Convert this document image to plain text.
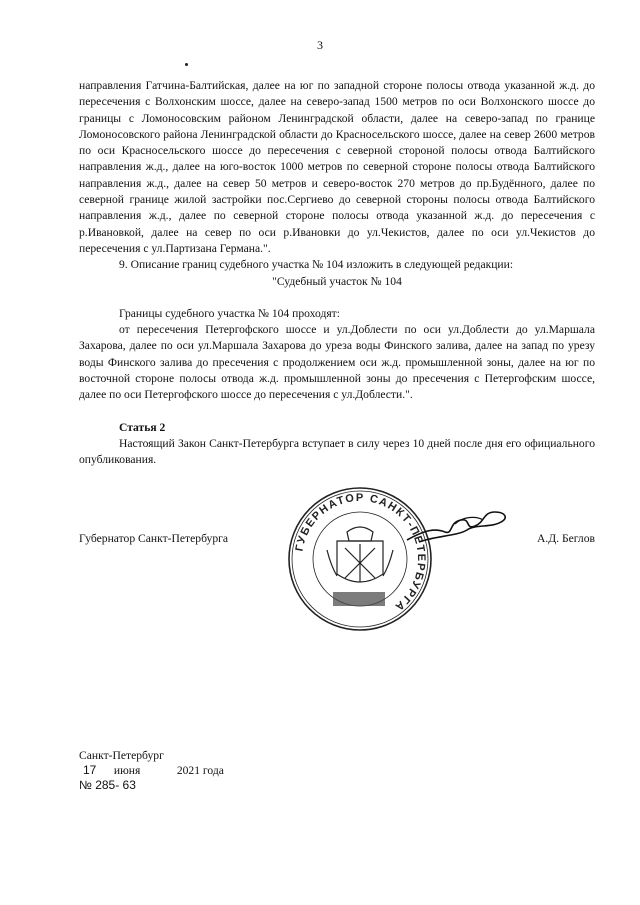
3

направления Гатчина-Балтийская, далее на юг по западной стороне полосы отвода указанной ж.д. до пересечения с Волхонским шоссе, далее на северо-запад 1500 метров по оси Волхонского шоссе до границы с Ломоносовским районом Ленинградской области, далее на северо-запад по границе Ломоносовского района Ленинградской области до Красносельского шоссе, далее на север 2600 метров по оси Красносельского шоссе до пересечения с северной стороной полосы отвода Балтийского направления ж.д., далее на юго-восток 1000 метров по северной стороне полосы отвода Балтийского направления ж.д., далее на север 50 метров и северо-восток 270 метров до пр.Будённого, далее по северной границе жилой застройки пос.Сергиево до северной стороны полосы отвода Балтийского направления ж.д., далее по северной стороне полосы отвода указанной ж.д. до пересечения с р.Ивановкой, далее на север по оси р.Ивановки до ул.Чекистов, далее по оси ул.Чекистов до пересечения с ул.Партизана Германа.".

9. Описание границ судебного участка № 104 изложить в следующей редакции:

"Судебный участок № 104

Границы судебного участка № 104 проходят:

от пересечения Петергофского шоссе и ул.Доблести по оси ул.Доблести до ул.Маршала Захарова, далее по оси ул.Маршала Захарова до уреза воды Финского залива, далее на запад по урезу воды Финского залива до пресечения с продолжением оси ж.д. промышленной зоны, далее на юг по восточной стороне полосы отвода ж.д. промышленной зоны до пресечения с Петергофским шоссе, далее по оси Петергофского шоссе до пересечения с ул.Доблести.".

Статья 2

Настоящий Закон Санкт-Петербурга вступает в силу через 10 дней после дня его официального опубликования.

ГУБЕРНАТОР САНКТ-ПЕТЕРБУРГА
Губернатор Санкт-Петербурга	А.Д. Беглов
Санкт-Петербург
17 июня	2021 года
№ 285- 63
